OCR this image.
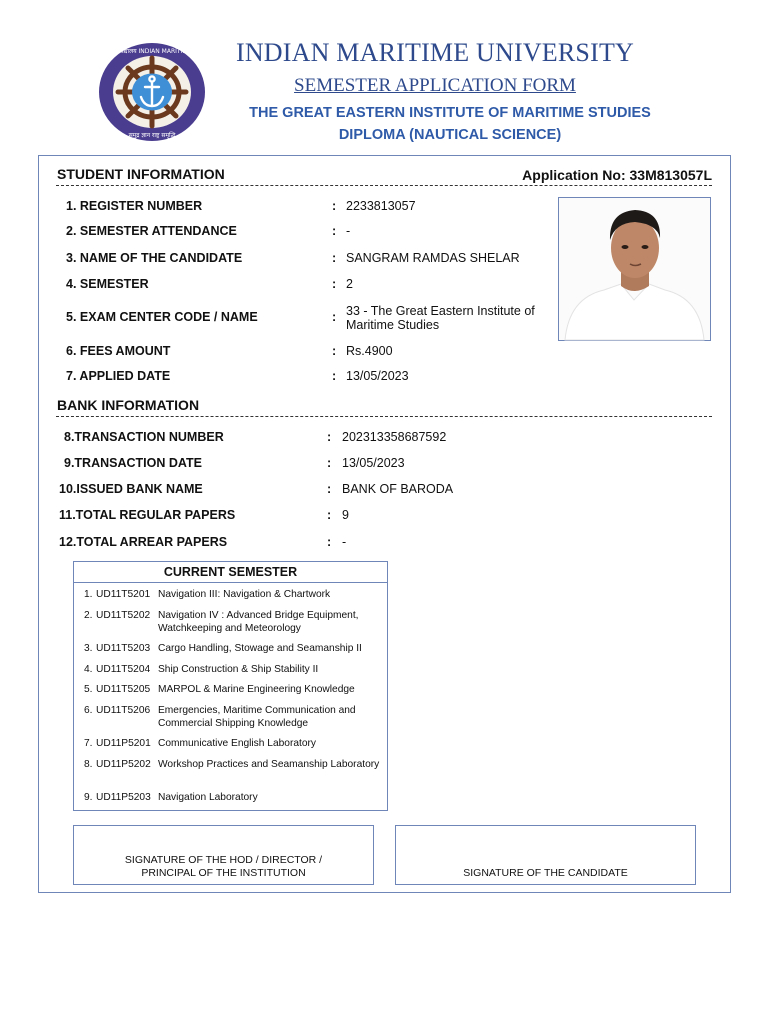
भारतीय समुद्री विश्वविद्यालय INDIAN MARITIME UNIVERSITY
समुद्र ज्ञान राष्ट्र समृद्धि
INDIAN MARITIME UNIVERSITY
SEMESTER APPLICATION FORM
THE GREAT EASTERN INSTITUTE OF MARITIME STUDIES
DIPLOMA (NAUTICAL SCIENCE)
STUDENT INFORMATION	Application No: 33M813057L
1. REGISTER NUMBER	: 2233813057
2. SEMESTER ATTENDANCE	: -
3. NAME OF THE CANDIDATE	: SANGRAM RAMDAS SHELAR
4. SEMESTER	: 2
5. EXAM CENTER CODE / NAME	: 33 - The Great Eastern Institute of Maritime Studies
6. FEES AMOUNT	: Rs.4900
7. APPLIED DATE	: 13/05/2023
BANK INFORMATION
8.TRANSACTION NUMBER	: 202313358687592
9.TRANSACTION DATE	: 13/05/2023
10.ISSUED BANK NAME	: BANK OF BARODA
11.TOTAL REGULAR PAPERS	: 9
12.TOTAL ARREAR PAPERS	: -
CURRENT SEMESTER
1. UD11T5201 Navigation III: Navigation & Chartwork
2. UD11T5202 Navigation IV : Advanced Bridge Equipment, Watchkeeping and Meteorology
3. UD11T5203 Cargo Handling, Stowage and Seamanship II
4. UD11T5204 Ship Construction & Ship Stability II
5. UD11T5205 MARPOL & Marine Engineering Knowledge
6. UD11T5206 Emergencies, Maritime Communication and Commercial Shipping Knowledge
7. UD11P5201 Communicative English Laboratory
8. UD11P5202 Workshop Practices and Seamanship Laboratory
9. UD11P5203 Navigation Laboratory
SIGNATURE OF THE HOD / DIRECTOR / PRINCIPAL OF THE INSTITUTION	SIGNATURE OF THE CANDIDATE
